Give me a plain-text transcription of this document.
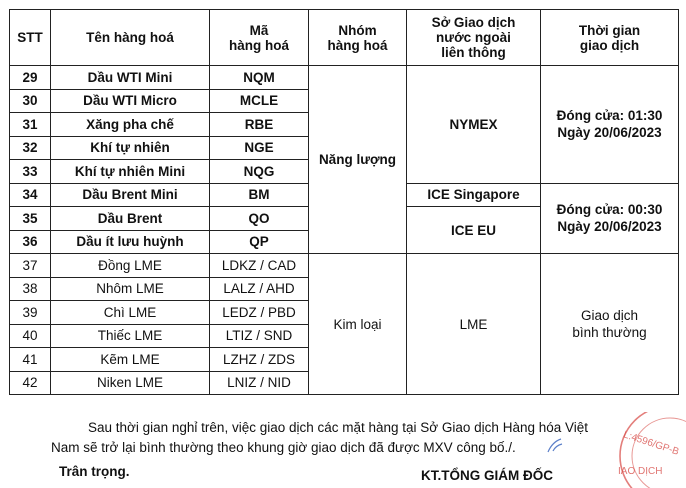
STT	Tên hàng hoá	Mã
hàng hoá	Nhóm
hàng hoá	Sở Giao dịch
nước ngoài
liên thông	Thời gian
giao dịch
29	Dầu WTI Mini	NQM	Năng lượng	NYMEX	Đóng cửa: 01:30
Ngày 20/06/2023
30	Dầu WTI Micro	MCLE			
31	Xăng pha chế	RBE			
32	Khí tự nhiên	NGE			
33	Khí tự nhiên Mini	NQG			
34	Dầu Brent Mini	BM		ICE Singapore	Đóng cửa: 00:30
Ngày 20/06/2023
35	Dầu Brent	QO		ICE EU	
36	Dầu ít lưu huỳnh	QP			
37	Đồng LME	LDKZ / CAD	Kim loại	LME	Giao dịch
bình thường
38	Nhôm LME	LALZ / AHD			
39	Chì LME	LEDZ / PBD			
40	Thiếc LME	LTIZ / SND			
41	Kẽm LME	LZHZ / ZDS			
42	Niken LME	LNIZ / NID			
Sau thời gian nghỉ trên, việc giao dịch các mặt hàng tại Sở Giao dịch Hàng hóa Việt
Nam sẽ trở lại bình thường theo khung giờ giao dịch đã được MXV công bố./.
Trân trọng.	KT.TỔNG GIÁM ĐỐC
L:4596/GP-B
IAO DỊCH
